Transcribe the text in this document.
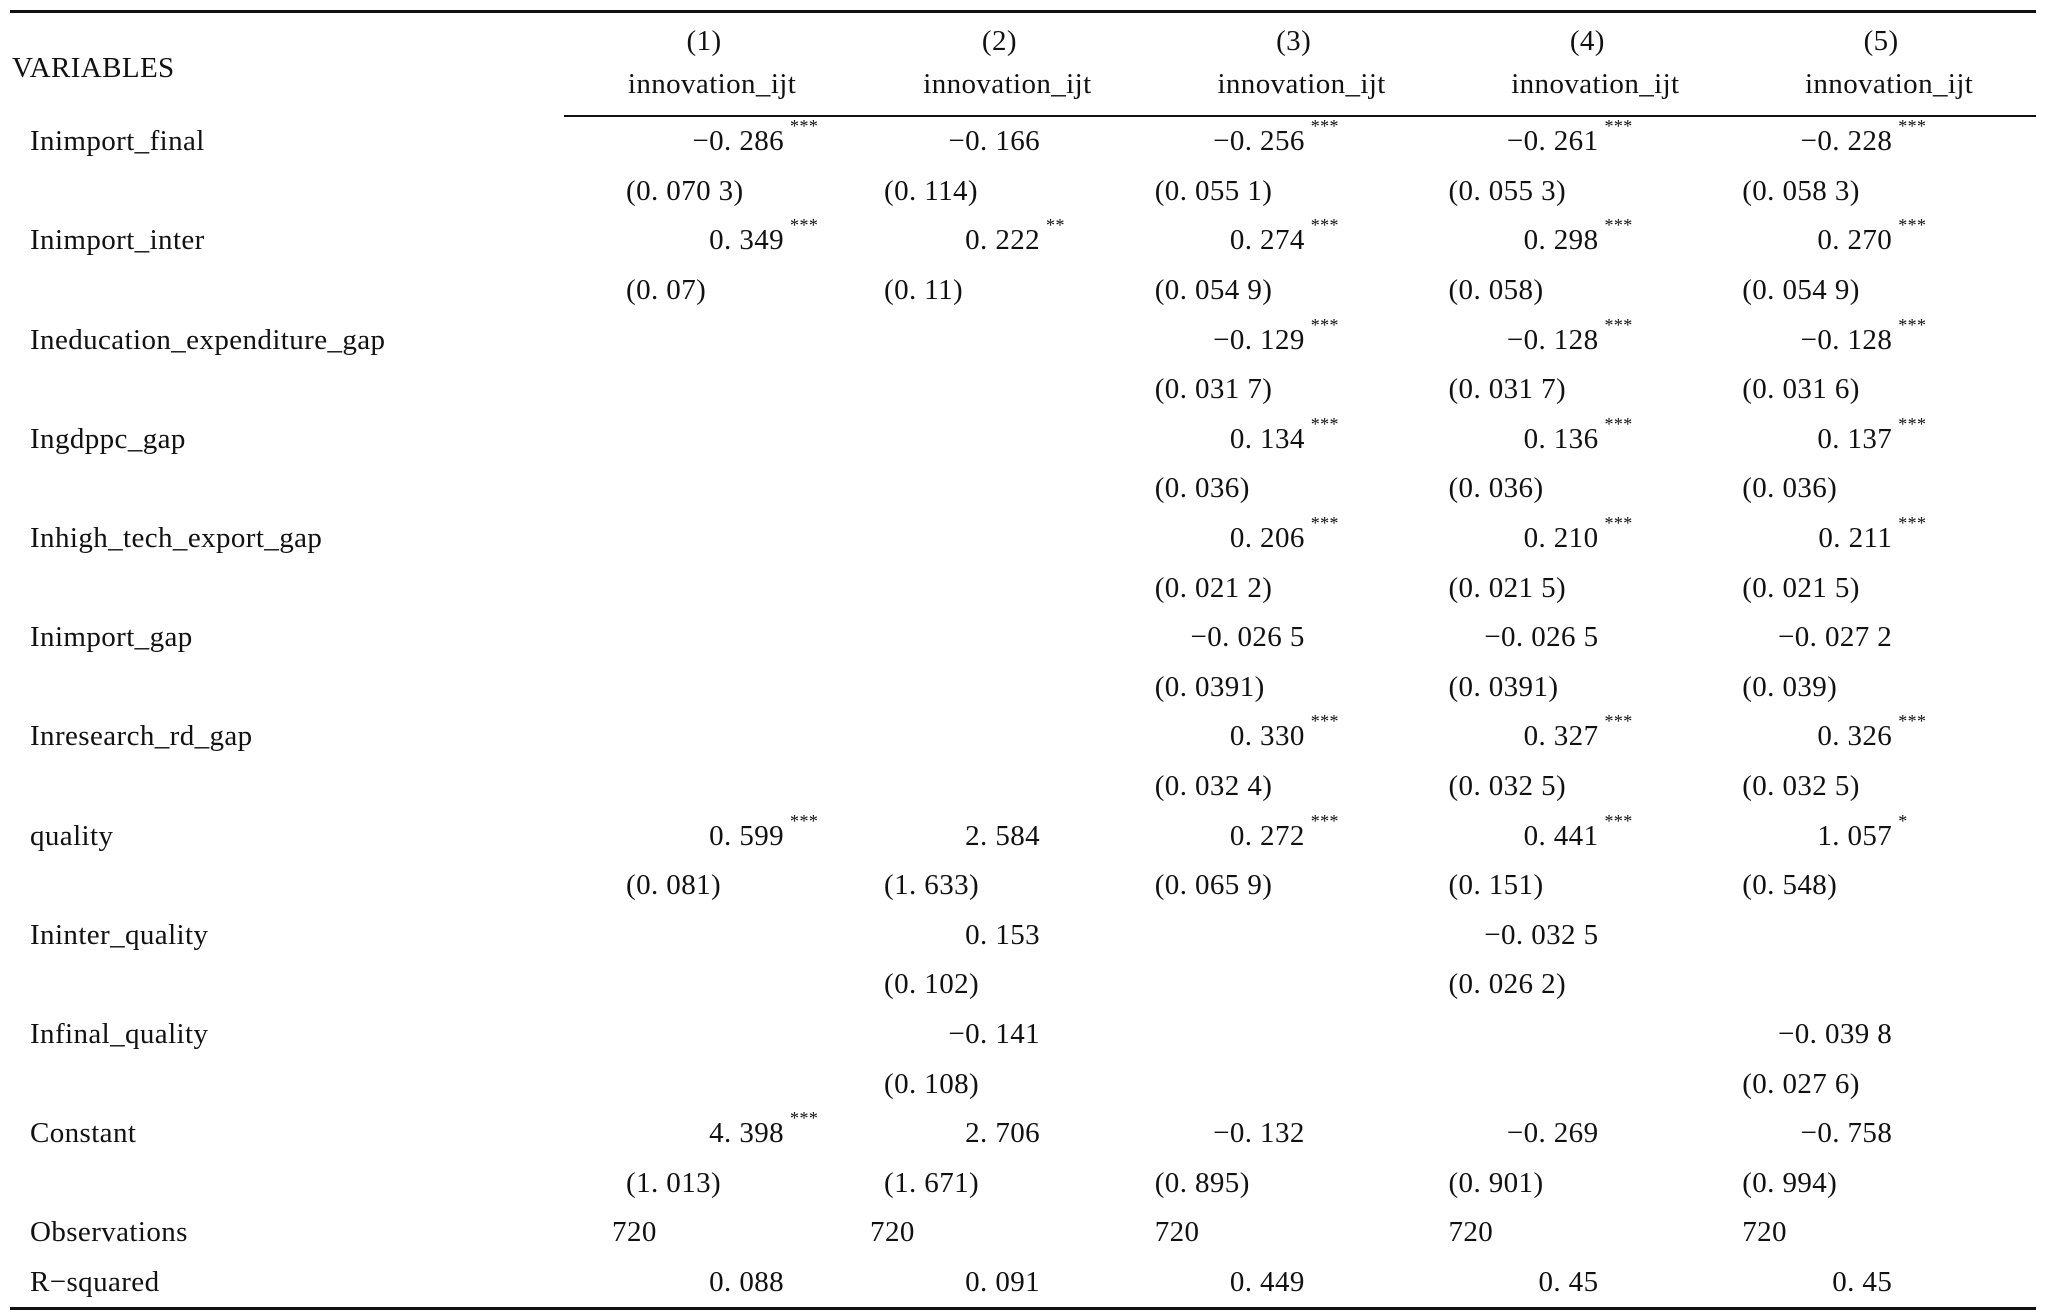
VARIABLES	(1)	(2)	(3)	(4)	(5)
innovation_ijt	innovation_ijt	innovation_ijt	innovation_ijt	innovation_ijt
Inimport_final	−0. 286 ***	−0. 166	−0. 256 ***	−0. 261 ***	−0. 228 ***
	(0. 070 3)	(0. 114)	(0. 055 1)	(0. 055 3)	(0. 058 3)
Inimport_inter	0. 349 ***	0. 222 **	0. 274 ***	0. 298 ***	0. 270 ***
	(0. 07)	(0. 11)	(0. 054 9)	(0. 058)	(0. 054 9)
Ineducation_expenditure_gap			−0. 129 ***	−0. 128 ***	−0. 128 ***
			(0. 031 7)	(0. 031 7)	(0. 031 6)
Ingdppc_gap			0. 134 ***	0. 136 ***	0. 137 ***
			(0. 036)	(0. 036)	(0. 036)
Inhigh_tech_export_gap			0. 206 ***	0. 210 ***	0. 211 ***
			(0. 021 2)	(0. 021 5)	(0. 021 5)
Inimport_gap			−0. 026 5	−0. 026 5	−0. 027 2
			(0. 0391)	(0. 0391)	(0. 039)
Inresearch_rd_gap			0. 330 ***	0. 327 ***	0. 326 ***
			(0. 032 4)	(0. 032 5)	(0. 032 5)
quality	0. 599 ***	2. 584	0. 272 ***	0. 441 ***	1. 057 *
	(0. 081)	(1. 633)	(0. 065 9)	(0. 151)	(0. 548)
Ininter_quality		0. 153		−0. 032 5	
		(0. 102)		(0. 026 2)	
Infinal_quality		−0. 141			−0. 039 8
		(0. 108)			(0. 027 6)
Constant	4. 398 ***	2. 706	−0. 132	−0. 269	−0. 758
	(1. 013)	(1. 671)	(0. 895)	(0. 901)	(0. 994)
Observations	720	720	720	720	720
R−squared	0. 088	0. 091	0. 449	0. 45	0. 45
